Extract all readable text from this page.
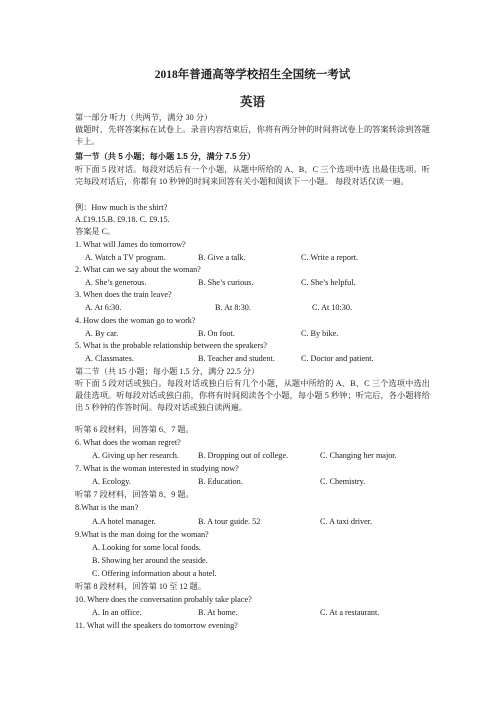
2018年普通高等学校招生全国统一考试
英语
第一部分 听力（共两节，满分 30 分）
做题时，先将答案标在试卷上。录音内容结束后，你将有两分钟的时间将试卷上的答案转涂到答题卡上。
第一节（共 5 小题；每小题 1.5 分，满分 7.5 分）
听下面 5 段对话。每段对话后有一个小题，从题中所给的 A、B、C 三个选项中选 出最佳选项。听完每段对话后，你都有 10 秒钟的时间来回答有关小题和阅读下一小题。 每段对话仅读一遍。
例：How much is the shirt?
A.£19.15.B. £9.18. C. £9.15.
答案是 C。
1. What will James do tomorrow?
A. Watch a TV program.	B. Give a talk.	C. Write a report.
2. What can we say about the woman?
A. She’s generous.	B. She’s curious.	C. She’s helpful.
3. When does the train leave?
A. At 6:30.	B. At 8:30.	C. At 10:30.
4. How does the woman go to work?
A. By car.	B. On foot.	C. By bike.
5. What is the probable relationship between the speakers?
A. Classmates.	B. Teacher and student.	C. Doctor and patient.
第二节（共 15 小题；每小题 1.5 分，满分 22.5 分）
听下面 5 段对话或独白。每段对话或独白后有几个小题，从题中所给的 A、B、C 三个选项中选出最佳选项。听每段对话或独白前，你将有时间阅读各个小题，每小题 5 秒钟；听完后，各小题将给出 5 秒钟的作答时间。每段对话或独白读两遍。
听第 6 段材料，回答第 6、7 题。
6. What does the woman regret?
A. Giving up her research. B. Dropping out of college.	C. Changing her major.
7. What is the woman interested in studying now?
A. Ecology.	B. Education.	C. Chemistry.
听第 7 段材料，回答第 8、9 题。
8.What is the man?
A.A hotel manager.	B. A tour guide. 52	C. A taxi driver.
9.What is the man doing for the woman?
A. Looking for some local foods.
B. Showing her around the seaside.
C. Offering information about a hotel.
听第 8 段材料，回答第 10 至 12 题。
10. Where does the conversation probably take place?
A. In an office.	B. At home.	C. At a restaurant.
11. What will the speakers do tomorrow evening?
